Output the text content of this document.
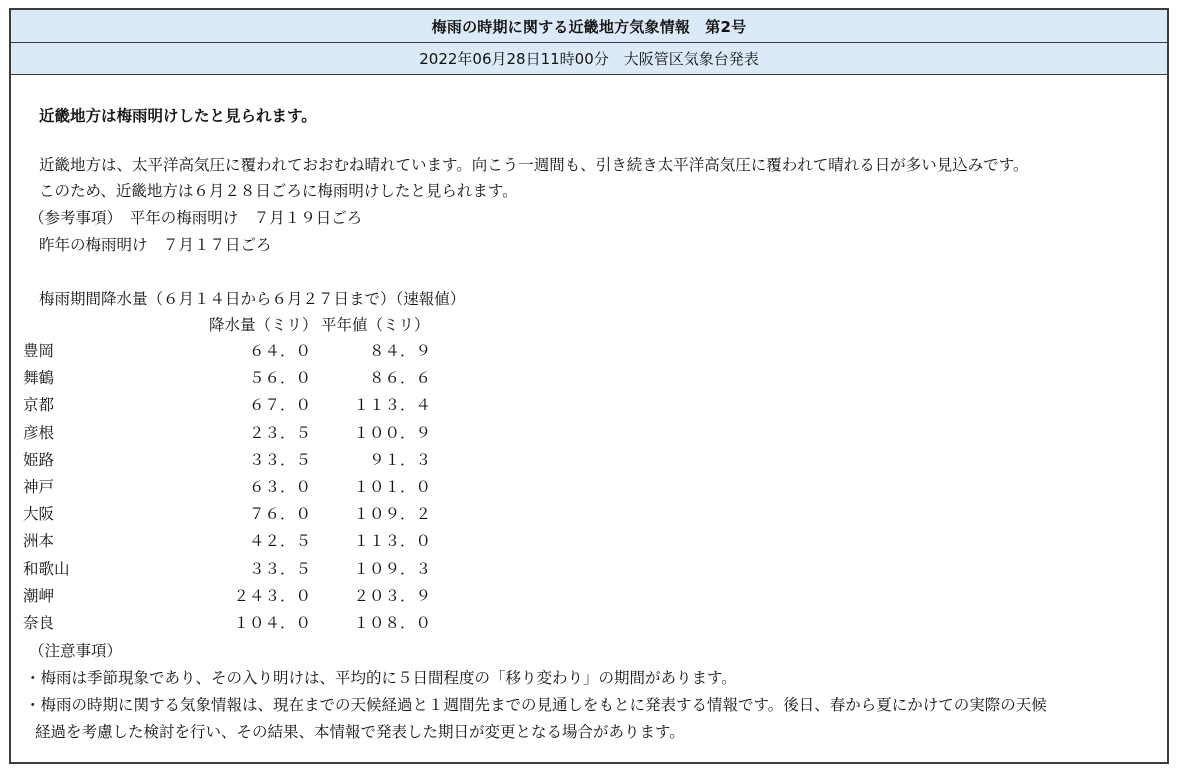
梅雨の時期に関する近畿地方気象情報　第2号
2022年06月28日11時00分　大阪管区気象台発表
近畿地方は梅雨明けしたと見られます。
近畿地方は、太平洋高気圧に覆われておおむね晴れています。向こう一週間も、引き続き太平洋高気圧に覆われて晴れる日が多い見込みです。
このため、近畿地方は６月２８日ごろに梅雨明けしたと見られます。
（参考事項）　平年の梅雨明け　７月１９日ごろ
昨年の梅雨明け　７月１７日ごろ
梅雨期間降水量（６月１４日から６月２７日まで）（速報値）
降水量（ミリ） 平年値（ミリ）
豊岡	６４．０	８４．９
舞鶴	５６．０	８６．６
京都	６７．０	１１３．４
彦根	２３．５	１００．９
姫路	３３．５	９１．３
神戸	６３．０	１０１．０
大阪	７６．０	１０９．２
洲本	４２．５	１１３．０
和歌山	３３．５	１０９．３
潮岬	２４３．０	２０３．９
奈良	１０４．０	１０８．０
（注意事項）
・梅雨は季節現象であり、その入り明けは、平均的に５日間程度の「移り変わり」の期間があります。
・梅雨の時期に関する気象情報は、現在までの天候経過と１週間先までの見通しをもとに発表する情報です。後日、春から夏にかけての実際の天候
経過を考慮した検討を行い、その結果、本情報で発表した期日が変更となる場合があります。
